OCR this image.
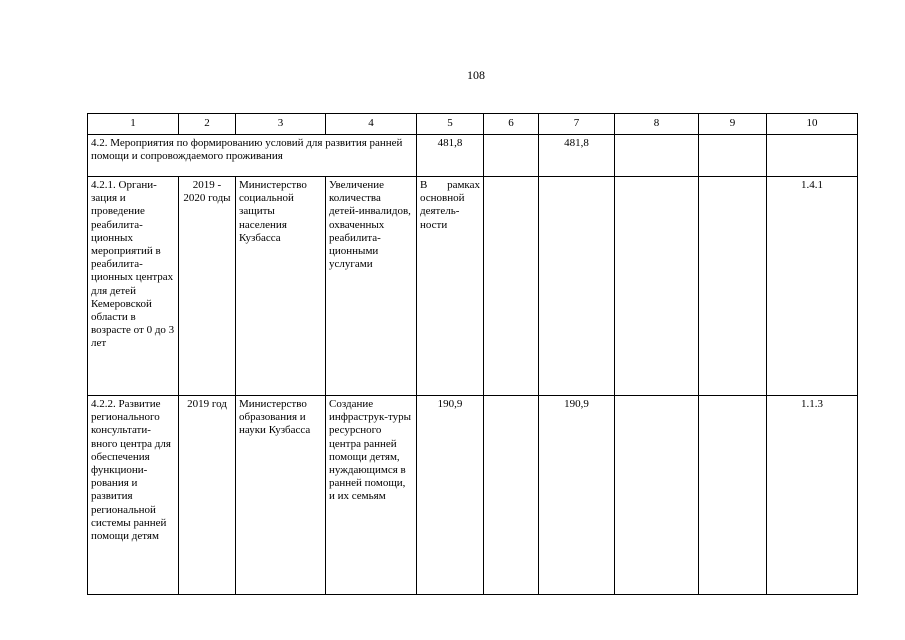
108
1	2	3	4	5	6	7	8	9	10
4.2. Мероприятия по формированию условий для развития ранней помощи и сопровождаемого проживания				481,8		481,8			
4.2.1. Органи-зация и проведение реабилита-ционных мероприятий в реабилита-ционных центрах для детей Кемеровской области в возрасте от 0 до 3 лет	2019 - 2020 годы	Министерство социальной защиты населения Кузбасса	Увеличение количества детей-инвалидов, охваченных реабилита-ционными услугами	В рамках основной деятель-ности					1.4.1
4.2.2. Развитие регионального консультати-вного центра для обеспечения функциони-рования и развития региональной системы ранней помощи детям	2019 год	Министерство образования и науки Кузбасса	Создание инфраструк-туры ресурсного центра ранней помощи детям, нуждающимся в ранней помощи, и их семьям	190,9		190,9			1.1.3
